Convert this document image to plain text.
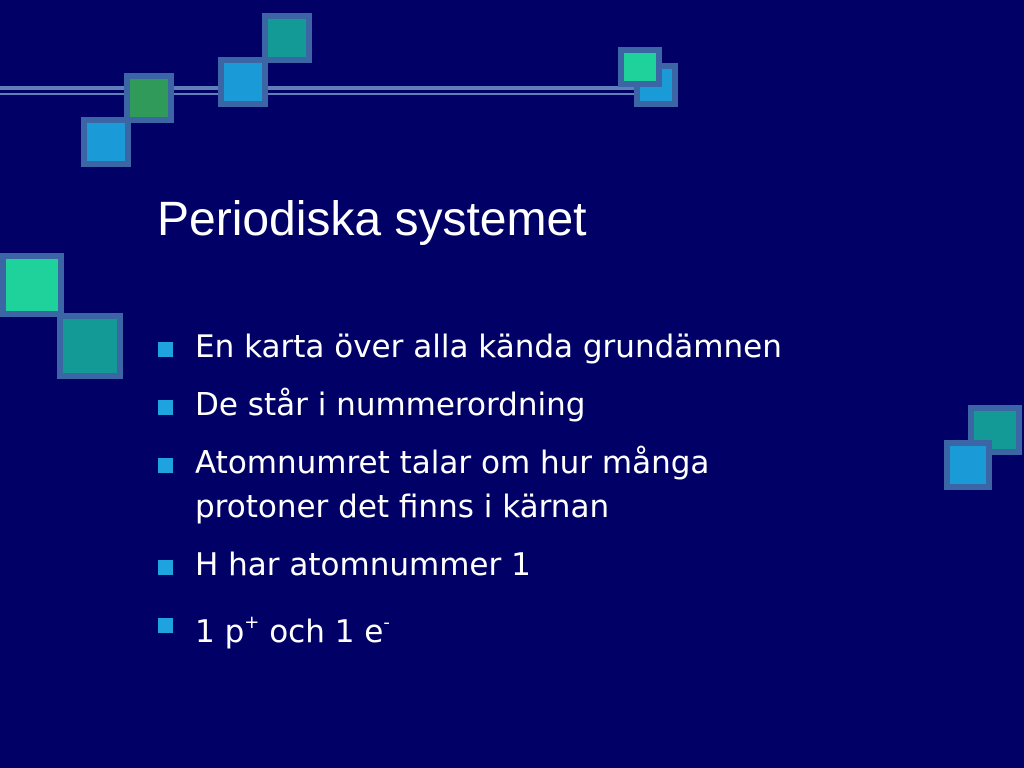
Periodiska systemet
En karta över alla kända grundämnen
De står i nummerordning
Atomnumret talar om hur många
protoner det finns i kärnan
H har atomnummer 1
1 p+ och 1 e-
